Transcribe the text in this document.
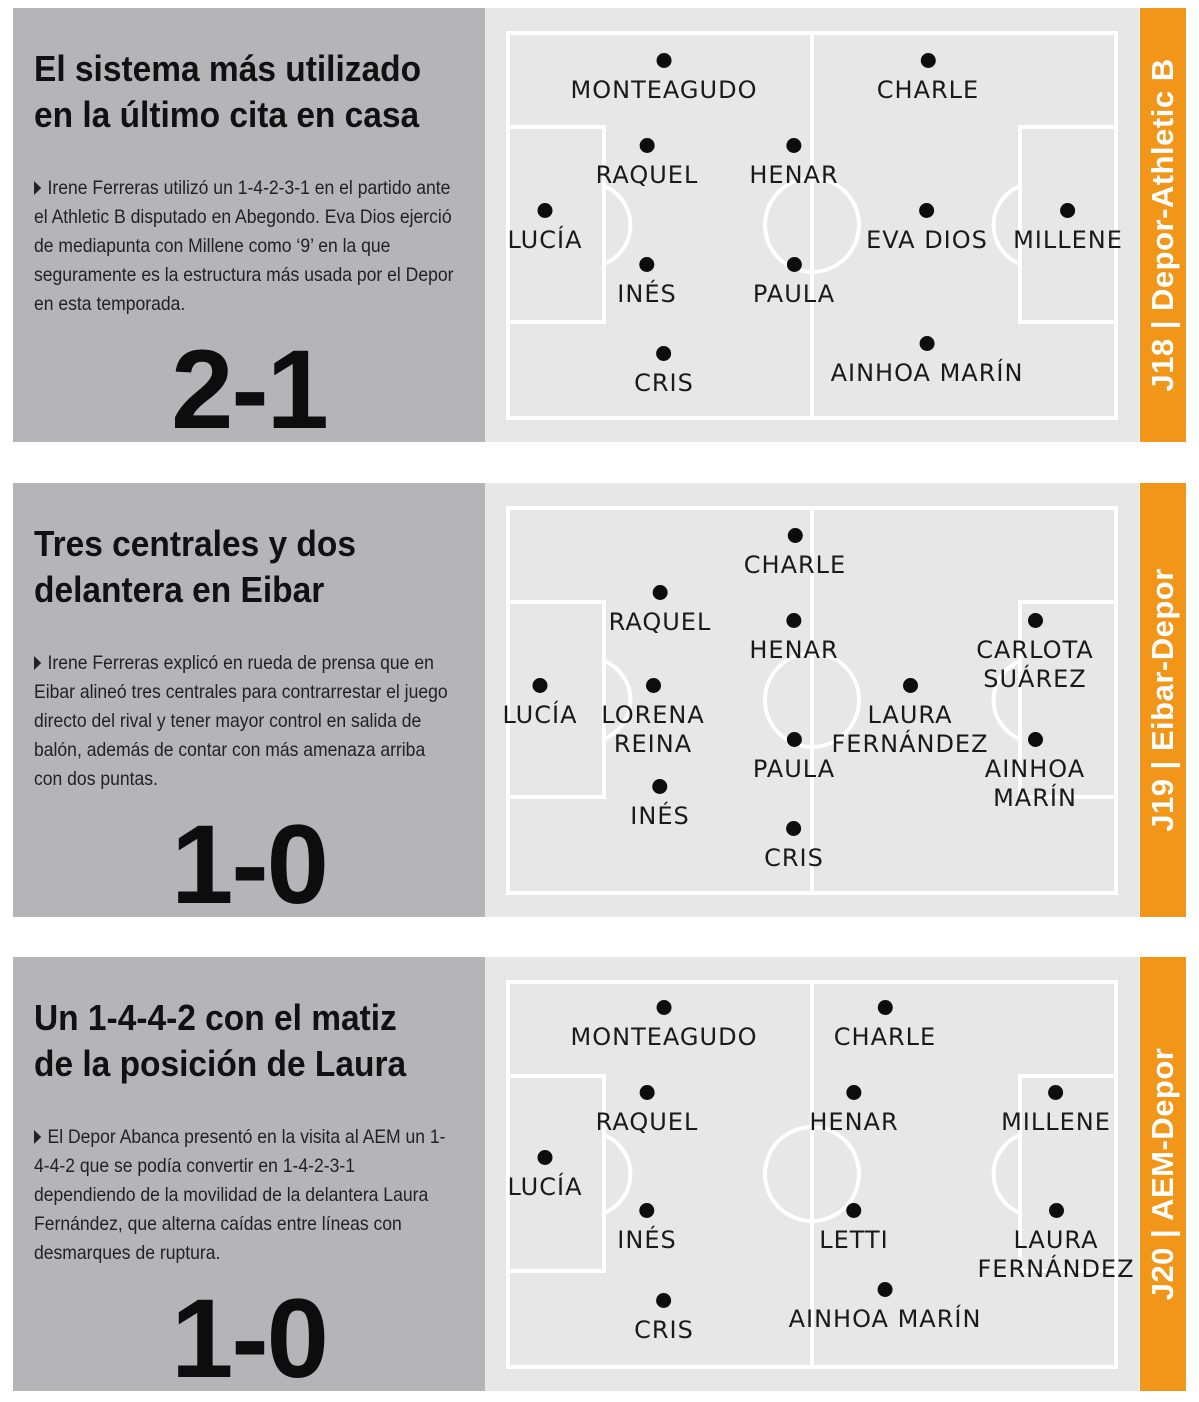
El sistema más utilizado en la último cita en casa

Irene Ferreras utilizó un 1-4-2-3-1 en el partido ante el Athletic B disputado en Abegondo. Eva Dios ejerció de mediapunta con Millene como ‘9’ en la que seguramente es la estructura más usada por el Depor en esta temporada.

2-1
MONTEAGUDO	CHARLE
RAQUEL HENAR
LUCÍA	EVA DIOS MILLENE
INÉS	PAULA
CRIS	AINHOA MARÍN	J18 | Depor-Athletic B
Tres centrales y dos delantera en Eibar

Irene Ferreras explicó en rueda de prensa que en Eibar alineó tres centrales para contrarrestar el juego directo del rival y tener mayor control en salida de balón, además de contar con más amenaza arriba con dos puntas.

1-0
CHARLE
RAQUEL
HENAR	CARLOTA SUÁREZ
LUCÍA LORENA REINA
LAURA FERNÁNDEZ
PAULA	AINHOA MARÍN
INÉS
CRIS
J19 | Eibar-Depor
Un 1-4-4-2 con el matiz de la posición de Laura

El Depor Abanca presentó en la visita al AEM un 1-4-4-2 que se podía convertir en 1-4-2-3-1 dependiendo de la movilidad de la delantera Laura Fernández, que alterna caídas entre líneas con desmarques de ruptura.

1-0
MONTEAGUDO	CHARLE
RAQUEL	HENAR	MILLENE
LUCÍA
INÉS	LETTI	LAURA FERNÁNDEZ
CRIS	AINHOA MARÍN
J20 | AEM-Depor
